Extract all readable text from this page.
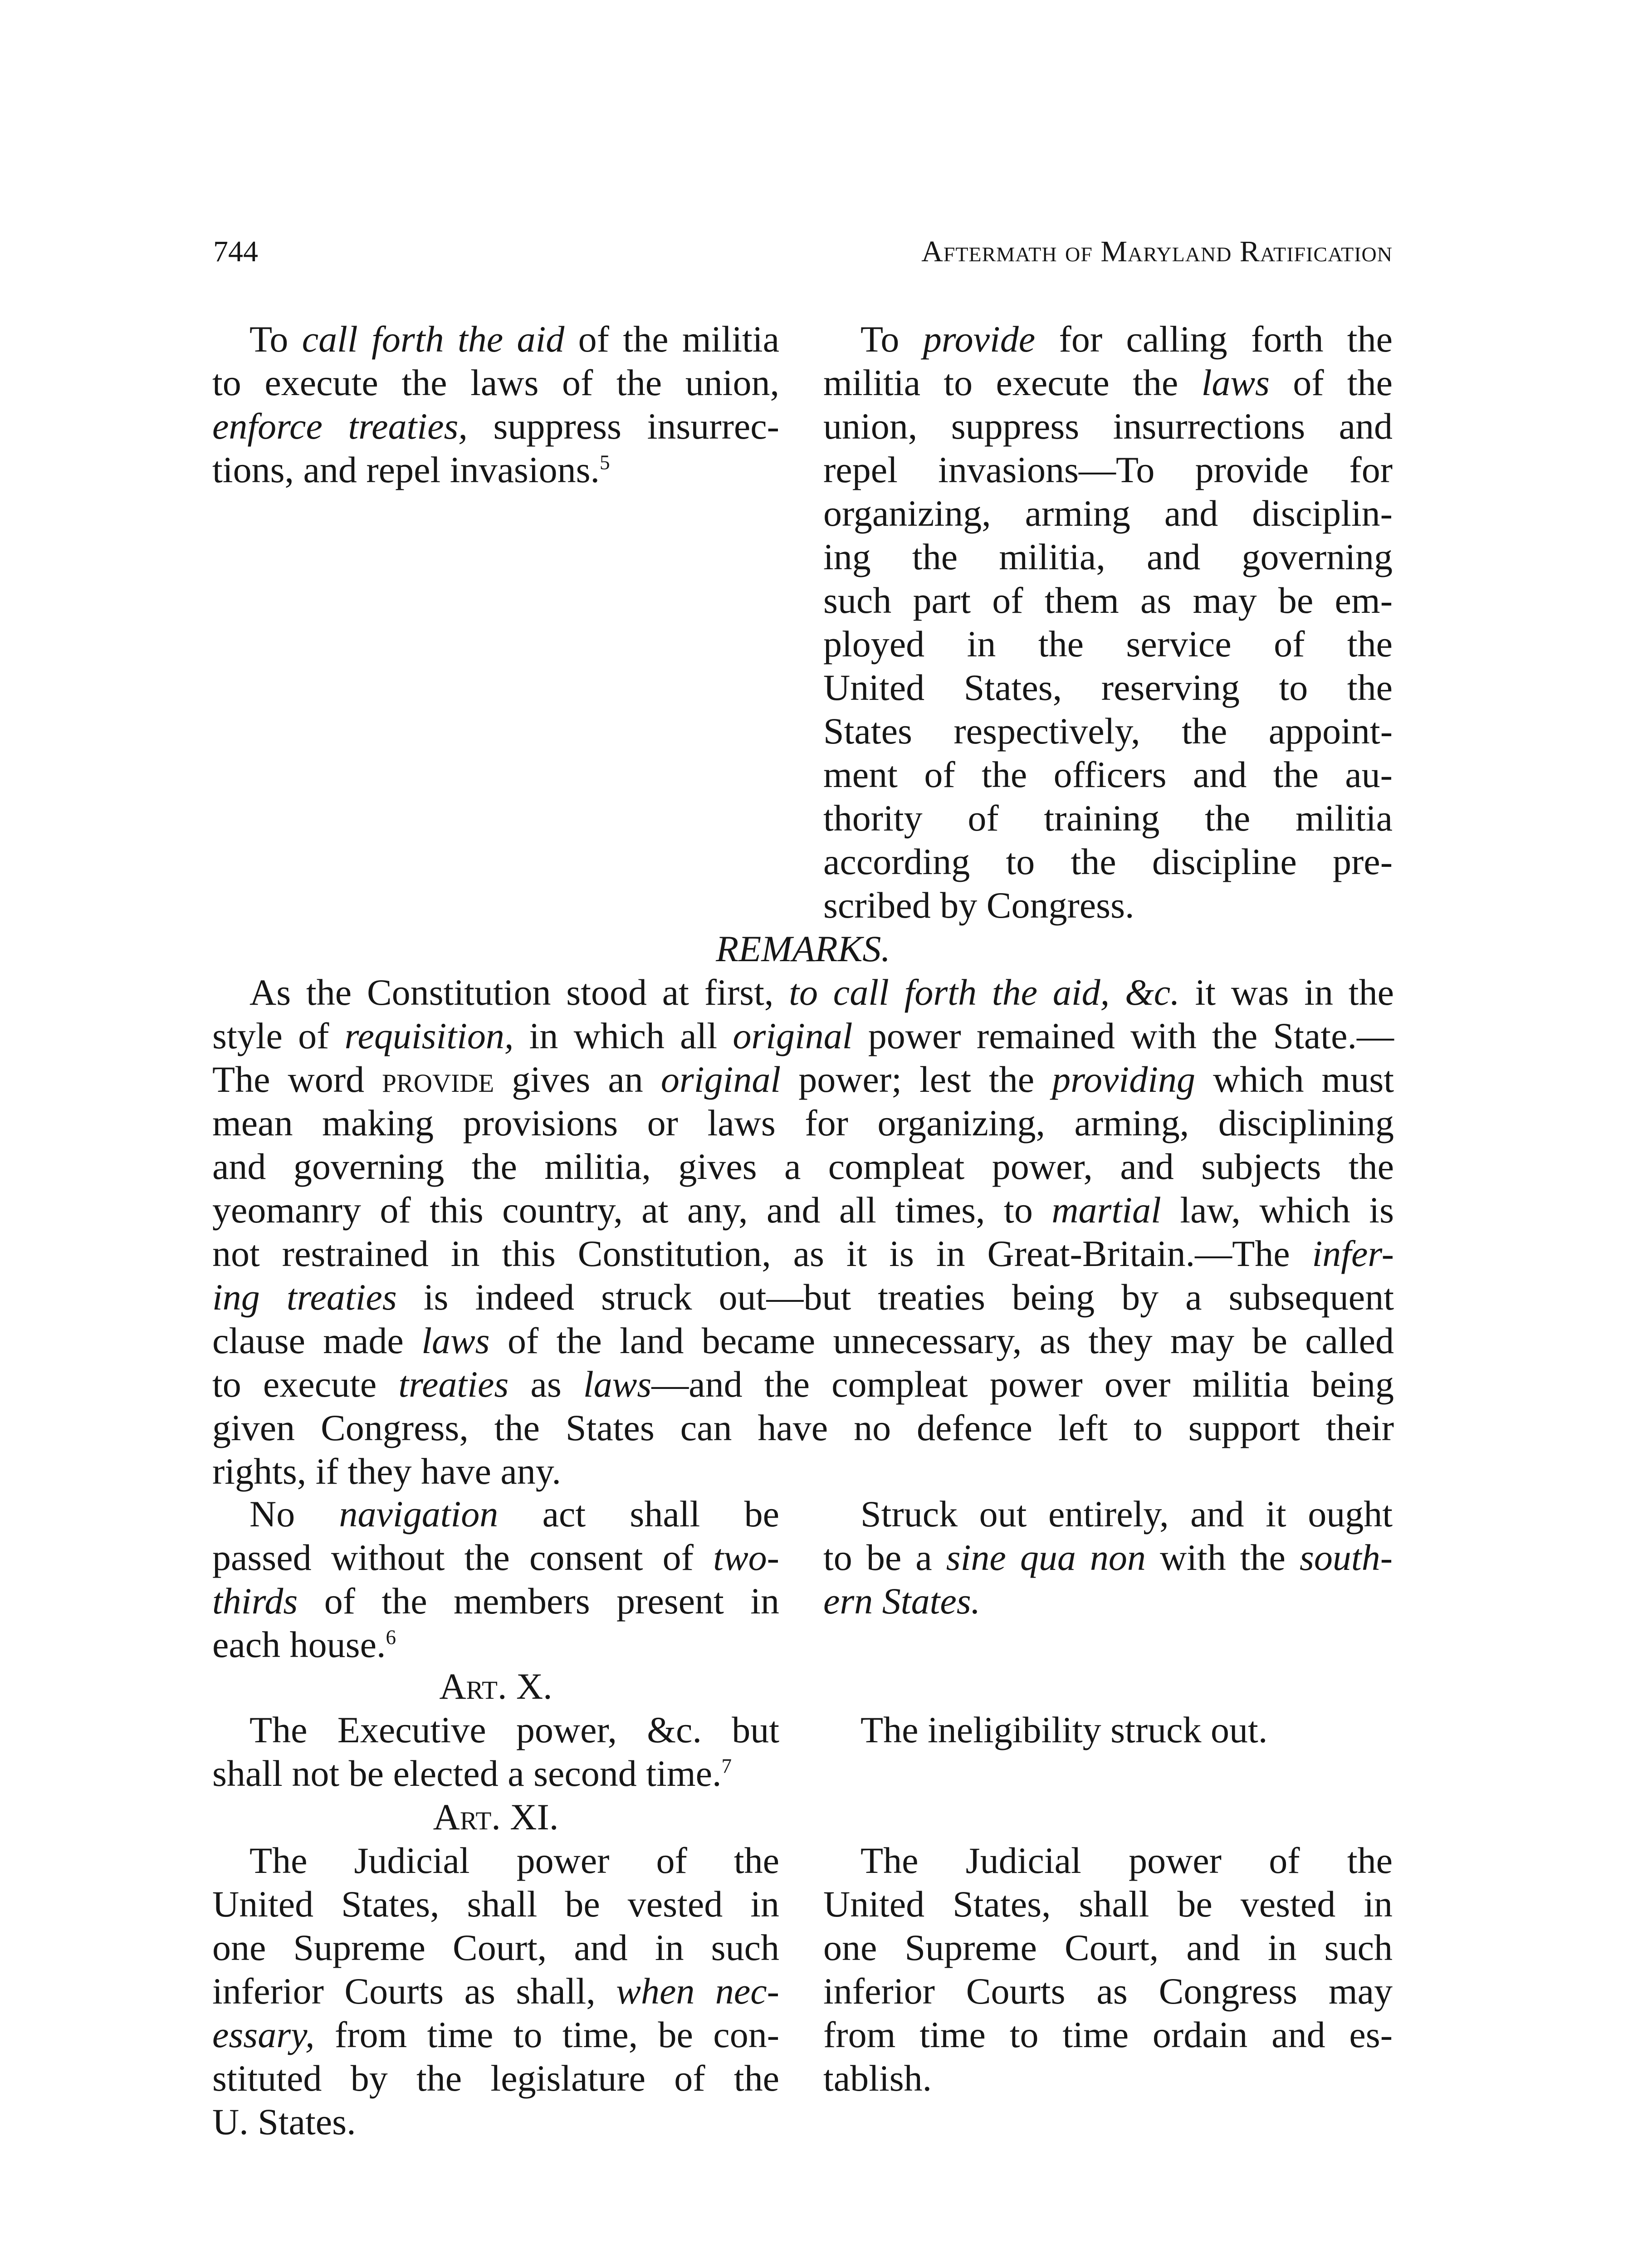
744	Aftermath of Maryland Ratification
To call forth the aid of the militia
to execute the laws of the union,
enforce treaties, suppress insurrec-
tions, and repel invasions.$^5$
To provide for calling forth the
militia to execute the laws of the
union, suppress insurrections and
repel invasions—To provide for
organizing, arming and disciplin-
ing the militia, and governing
such part of them as may be em-
ployed in the service of the
United States, reserving to the
States respectively, the appoint-
ment of the officers and the au-
thority of training the militia
according to the discipline pre-
scribed by Congress.
REMARKS.
As the Constitution stood at first, to call forth the aid, &c. it was in the
style of requisition, in which all original power remained with the State.—
The word provide gives an original power; lest the providing which must
mean making provisions or laws for organizing, arming, disciplining
and governing the militia, gives a compleat power, and subjects the
yeomanry of this country, at any, and all times, to martial law, which is
not restrained in this Constitution, as it is in Great-Britain.—The infer-
ing treaties is indeed struck out—but treaties being by a subsequent
clause made laws of the land became unnecessary, as they may be called
to execute treaties as laws—and the compleat power over militia being
given Congress, the States can have no defence left to support their
rights, if they have any.
No navigation act shall be
passed without the consent of two-
thirds of the members present in
each house.$^6$
Struck out entirely, and it ought
to be a sine qua non with the south-
ern States.
Art. X.
The Executive power, &c. but
shall not be elected a second time.$^7$
The ineligibility struck out.
Art. XI.
The Judicial power of the
United States, shall be vested in
one Supreme Court, and in such
inferior Courts as shall, when nec-
essary, from time to time, be con-
stituted by the legislature of the
U. States.
The Judicial power of the
United States, shall be vested in
one Supreme Court, and in such
inferior Courts as Congress may
from time to time ordain and es-
tablish.
